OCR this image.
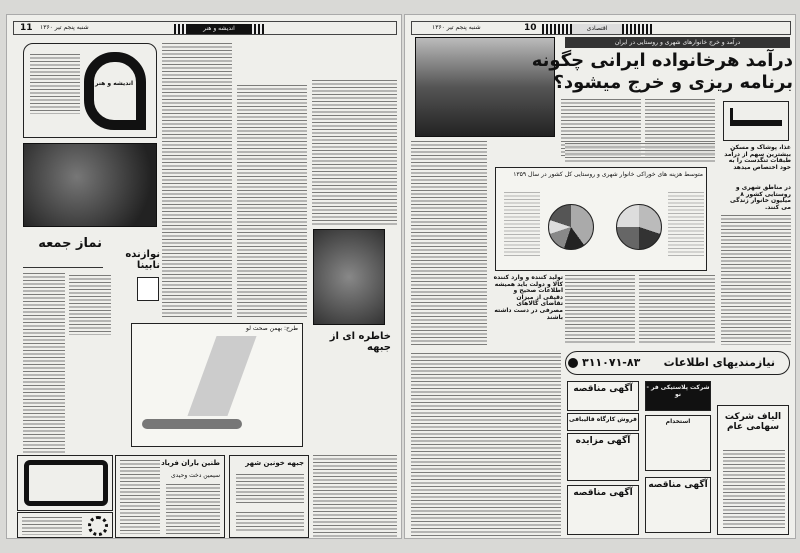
11 شنبه پنجم تیر ۱۳۶۰	اندیشه و هنر
اندیشه و هنر
نماز جمعه
نوازنده نابینا
خاطره ای از جبهه
طرح: بهمن صحت لو
طنین باران فریاد
سیمین دخت وحیدی
جبهه خونین شهر
اقتصادی
10
شنبه پنجم تیر ۱۳۶۰
درآمد و خرج خانوارهای شهری و روستایی در ایران
درآمد هرخانواده ایرانی چگونه
برنامه ریزی و خرج میشود؟
غذا، پوشاک و مسکن بیشترین سهم از درآمد طبقات تنگدست را به خود اختصاص میدهد
در مناطق شهری و روستایی کشور ۸ میلیون خانوار زندگی می کنند.
متوسط هزینه های خوراکی خانوار شهری و روستایی کل کشور در سال ۱۳۵۹
تولید کننده و وارد کننده کالا و دولت باید همیشه اطلاعات صحیح و دقیقی از میزان تقاضای کالاهای مصرفی در دست داشته باشند
۳۱۱۰۷۱-۸۳ نیازمندیهای اطلاعات
آگهی مناقصه
فروش کارگاه قالیبافی
آگهی مزایده
آگهی مناقصه
شرکت پلاستیکی فر - نو
استخدام
آگهی مناقصه
الیاف شرکت سهامی عام
